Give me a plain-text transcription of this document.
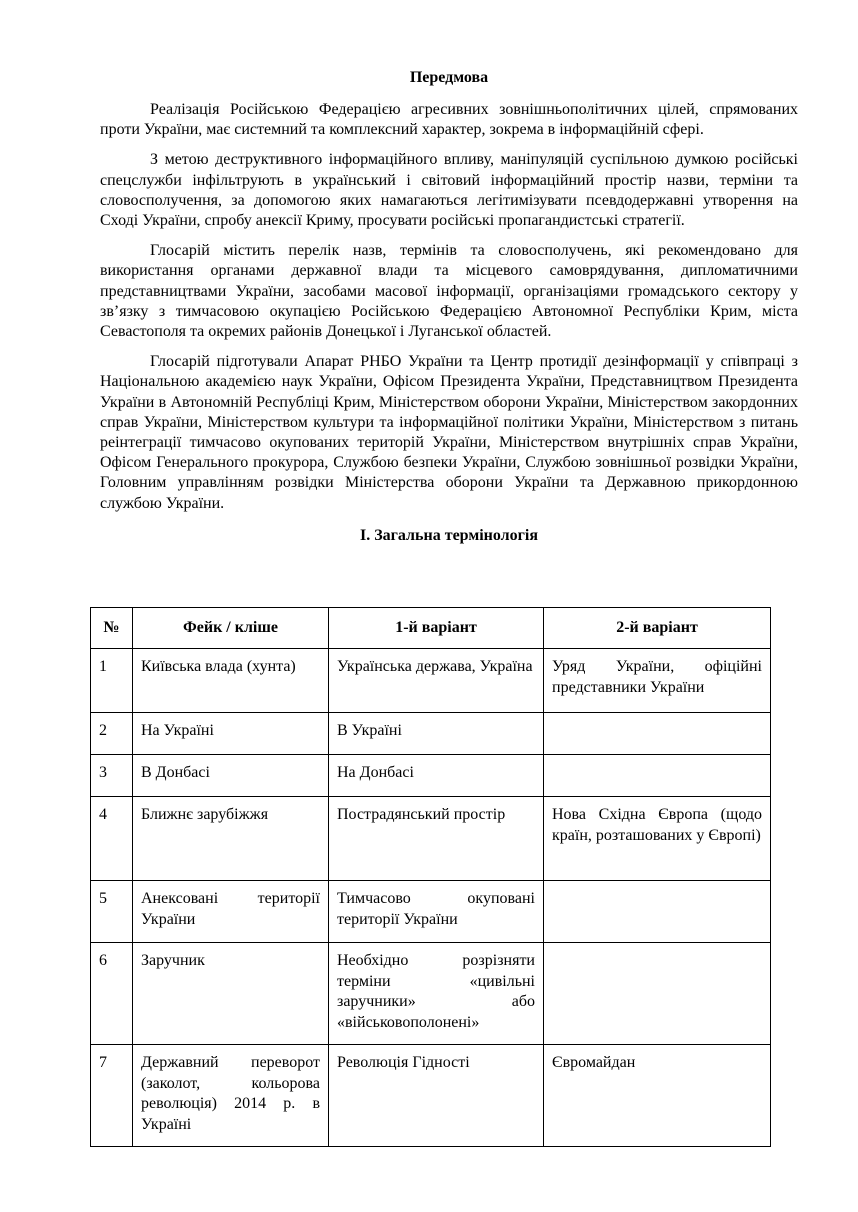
Передмова

Реалізація Російською Федерацією агресивних зовнішньополітичних цілей, спрямованих проти України, має системний та комплексний характер, зокрема в інформаційній сфері.

З метою деструктивного інформаційного впливу, маніпуляцій суспільною думкою російські спецслужби інфільтрують в український і світовий інформаційний простір назви, терміни та словосполучення, за допомогою яких намагаються легітимізувати псевдодержавні утворення на Сході України, спробу анексії Криму, просувати російські пропагандистські стратегії.

Глосарій містить перелік назв, термінів та словосполучень, які рекомендовано для використання органами державної влади та місцевого самоврядування, дипломатичними представництвами України, засобами масової інформації, організаціями громадського сектору у зв’язку з тимчасовою окупацією Російською Федерацією Автономної Республіки Крим, міста Севастополя та окремих районів Донецької і Луганської областей.

Глосарій підготували Апарат РНБО України та Центр протидії дезінформації у співпраці з Національною академією наук України, Офісом Президента України, Представництвом Президента України в Автономній Республіці Крим, Міністерством оборони України, Міністерством закордонних справ України, Міністерством культури та інформаційної політики України, Міністерством з питань реінтеграції тимчасово окупованих територій України, Міністерством внутрішніх справ України, Офісом Генерального прокурора, Службою безпеки України, Службою зовнішньої розвідки України, Головним управлінням розвідки Міністерства оборони України та Державною прикордонною службою України.

І. Загальна термінологія
№	Фейк / кліше	1-й варіант	2-й варіант
1	Київська влада (хунта)	Українська держава, Україна	Уряд України, офіційні представники України
2	На Україні	В Україні	
3	В Донбасі	На Донбасі	
4	Ближнє зарубіжжя	Пострадянський простір	Нова Східна Європа (щодо країн, розташованих у Європі)
5	Анексовані території України	Тимчасово окуповані території України	
6	Заручник	Необхідно розрізняти терміни «цивільні заручники» або «військовополонені»	
7	Державний переворот (заколот, кольорова революція) 2014 р. в Україні	Революція Гідності	Євромайдан
